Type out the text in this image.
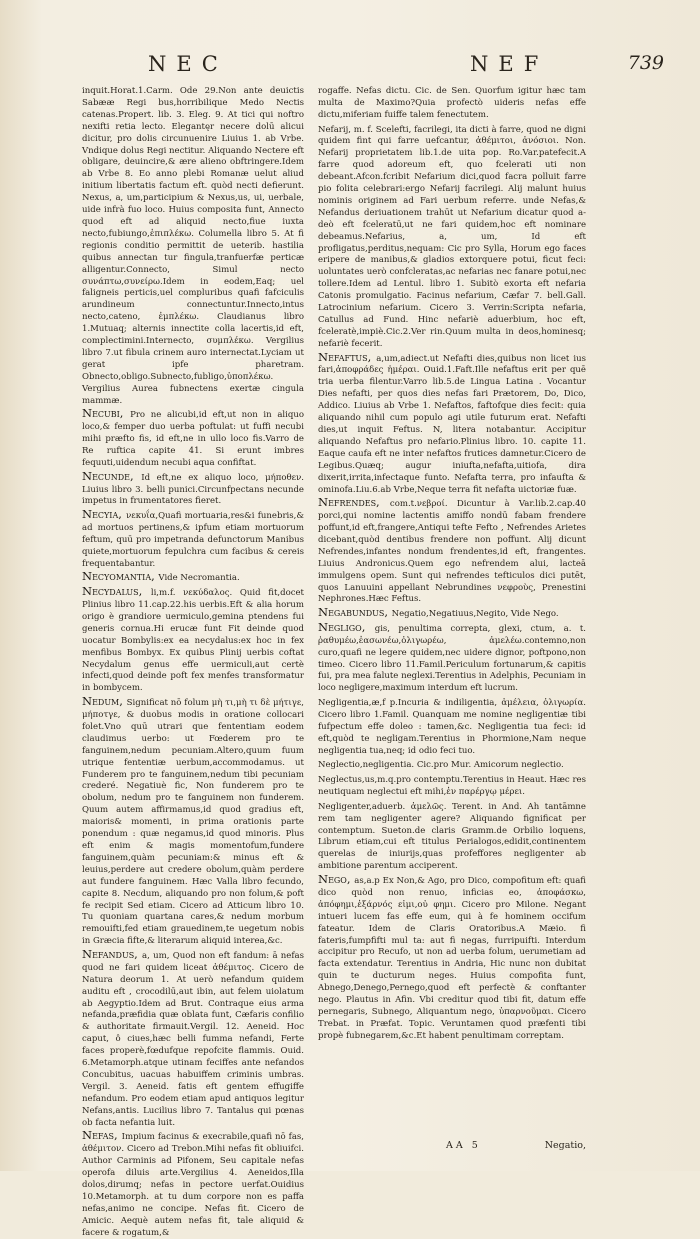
NEC	NEF	739

inquit.Horat.1.Carm. Ode 29.Non ante deuictis Sabææ Regi bus,horribilique Medo Nectis catenas.Propert. lib. 3. Eleg. 9. At tici qui noftro nexifti retia lecto. Elegantęr necere dolū alicui dicitur, pro dolis circunuenire Liuius 1. ab Vrbe. Vndique dolus Regi nectitur. Aliquando Nectere eft obligare, deuincire,& ære alieno obftringere.Idem ab Vrbe 8. Eo anno plebi Romanæ uelut aliud initium libertatis factum eft. quòd necti defierunt. Nexus, a, um,participium & Nexus,us, ui, uerbale, uide infrà fuo loco. Huius composita funt, Annecto quod eft ad aliquid necto,fiue iuxta necto,fubiungo,ἐπιπλέκω. Columella libro 5. At fi regionis conditio permittit de ueterib. hastilia quibus annectan tur fingula,tranfuerfæ perticæ alligentur.Connecto, Simul necto συνάπτω,συνείρω.Idem in eodem,Eaq; uel faligneis perticis,uel compluribus quafi fafciculis arundineum connectuntur.Innecto,intus necto,cateno, ἐμπλέκω. Claudianus libro 1.Mutuaq; alternis innectite colla lacertis,id eft, complectimini.Internecto, συμπλέκω. Vergilius libro 7.ut fibula crinem auro internectat.Lyciam ut gerat ipfe pharetram. Obnecto,obligo.Subnecto,fubligo,ὑποπλέκω. Vergilius Aurea fubnectens exertæ cingula mammæ.

Necubi, Pro ne alicubi,id eft,ut non in aliquo loco,& femper duo uerba poftulat: ut fuffi necubi mihi præfto fis, id eft,ne in ullo loco fis.Varro de Re ruftica capite 41. Si erunt imbres fequuti,uidendum necubi aqua confiftat.

Necunde, Id eft,ne ex aliquo loco, μήποθεν. Liuius libro 3. belli punici.Circunfpectans necunde impetus in frumentatores fieret.

Necyia, νεκυΐα,Quafi mortuaria,res&i funebris,& ad mortuos pertinens,& ipfum etiam mortuorum feftum, quū pro impetranda defunctorum Manibus quiete,mortuorum fepulchra cum facibus & cereis frequentabantur.

Necyomantia, Vide Necromantia.

Necydalus, li,m.f. νεκύδαλος. Quid fit,docet Plinius libro 11.cap.22.his uerbis.Eft & alia horum origo è grandiore uermiculo,gemina ptendens fui generis cornua.Hi erucæ funt Fit deinde quod uocatur Bombylis:ex ea necydalus:ex hoc in fex menfibus Bombyx. Ex quibus Plinij uerbis coftat Necydalum genus effe uermiculi,aut certè infecti,quod deinde poft fex menfes transformatur in bombycem.

Nedum, Significat nō folum μὴ τι,μὴ τι δὲ μήτιγε, μήποτγε, & duobus modis in oratione collocari folet.Vno quū utrari que fententiam eodem claudimus uerbo: ut Fœderem pro te fanguinem,nedum pecuniam.Altero,quum fuum utrique fententiæ uerbum,accommodamus. ut Funderem pro te fanguinem,nedum tibi pecuniam crederé. Negatiuè fic, Non funderem pro te obolum, nedum pro te fanguinem non funderem. Quum autem affirmamus,id quod gradius eft, maioris& momenti, in prima orationis parte ponendum : quæ negamus,id quod minoris. Plus eft enim & magis momentofum,fundere fanguinem,quàm pecuniam:& minus eft & leuius,perdere aut credere obolum,quàm perdere aut fundere fanguinem. Hæc Valla libro fecundo, capite 8. Necdum, aliquando pro non folum,& poft fe recipit Sed etiam. Cicero ad Atticum libro 10. Tu quoniam quartana cares,& nedum morbum remouifti,fed etiam grauedinem,te uegetum nobis in Græcia fifte,& literarum aliquid interea,&c.

Nefandus, a, um, Quod non eft fandum: ā nefas quod ne fari quidem liceat ἀθέμιτος. Cicero de Natura deorum 1. At uerò nefandum quidem auditu eft , crocodilū,aut ibin, aut felem uiolatum ab Aegyptio.Idem ad Brut. Contraque eius arma nefanda,præfidia quæ oblata funt, Cæfaris confilio & authoritate firmauit.Vergil. 12. Aeneid. Hoc caput, ô ciues,hæc belli fumma nefandi, Ferte faces properè,fœdufque repofcite flammis. Ouid. 6.Metamorph.atque utinam feciffes ante nefandos Concubitus, uacuas habuiffem criminis umbras. Vergil. 3. Aeneid. fatis eft gentem effugiffe nefandum. Pro eodem etiam apud antiquos legitur Nefans,antis. Lucilius libro 7. Tantalus qui pœnas ob facta nefantia luit.

Nefas, Impium facinus & execrabile,quafi nō fas, ἀθέμιτον. Cicero ad Trebon.Mihi nefas fit obliuifci. Author Carminis ad Pifonem, Seu capitale nefas operofa diluis arte.Vergilius 4. Aeneidos,Illa dolos,dirumq; nefas in pectore uerfat.Ouidius 10.Metamorph. at tu dum corpore non es paffa nefas,animo ne concipe. Nefas fit. Cicero de Amicic. Aequè autem nefas fit, tale aliquid & facere & rogatum,&

rogaffe. Nefas dictu. Cic. de Sen. Quorfum igitur hæc tam multa de Maximo?Quia profectò uideris nefas effe dictu,miferiam fuiffe talem fenectutem.

Nefarij, m. f. Scelefti, facrilegi, ita dicti à farre, quod ne digni quidem fint qui farre uefcantur, ἀθέμιτοι, ἀνόσιοι. Non. Nefarij proprietatem lib.1.de uita pop. Ro.Var.patefecit.A farre quod adoreum eft, quo fcelerati uti non debeant.Afcon.fcribit Nefarium dici,quod facra polluit farre pio folita celebrari:ergo Nefarij facrilegi. Alij malunt huius nominis originem ad Fari uerbum referre. unde Nefas,& Nefandus deriuationem trahūt ut Nefarium dicatur quod a-deò eft fceleratū,ut ne fari quidem,hoc eft nominare debeamus.Nefarius, a, um, Id eft profligatus,perditus,nequam: Cic pro Sylla, Horum ego faces eripere de manibus,& gladios extorquere potui, ficut feci: uoluntates uerò confcleratas,ac nefarias nec fanare potui,nec tollere.Idem ad Lentul. libro 1. Subitò exorta eft nefaria Catonis promulgatio. Facinus nefarium, Cæfar 7. bell.Gall. Latrocinium nefarium. Cicero 3. Verrin:Scripta nefaria, Catullus ad Fund. Hinc nefariè aduerbium, hoc eft, fceleratè,impiè.Cic.2.Ver rin.Quum multa in deos,hominesq; nefariè fecerit.

Nefaftus, a,um,adiect.ut Nefafti dies,quibus non licet ius fari,ἀποφράδες ἡμέραι. Ouid.1.Faft.Ille nefaftus erit per quē tria uerba filentur.Varro lib.5.de Lingua Latina . Vocantur Dies nefafti, per quos dies nefas fari Prætorem, Do, Dico, Addico. Liuius ab Vrbe 1. Nefaftos, faftofque dies fecit: quia aliquando nihil cum populo agi utile futurum erat. Nefafti dies,ut inquit Feftus. N, litera notabantur. Accipitur aliquando Nefaftus pro nefario.Plinius libro. 10. capite 11. Eaque caufa eft ne inter nefaftos frutices damnetur.Cicero de Legibus.Quæq; augur iniufta,nefafta,uitiofa, dira dixerit,irrita,infectaque funto. Nefafta terra, pro infaufta & ominofa.Liu.6.ab Vrbe,Neque terra fit nefafta uictoriæ fuæ.

Nefrendes, com.t.νεβροί. Dicuntur à Var.lib.2.cap.40 porci,qui nomine lactentis amiffo nondū fabam frendere poffunt,id eft,frangere,Antiqui tefte Fefto , Nefrendes Arietes dicebant,quòd dentibus frendere non poffunt. Alij dicunt Nefrendes,infantes nondum frendentes,id eft, frangentes. Liuius Andronicus.Quem ego nefrendem alui, lacteā immulgens opem. Sunt qui nefrendes tefticulos dici putēt, quos Lanuuini appellant Nebrundines νεφροὺς, Prenestini Nephrones.Hæc Feftus.

Negabundus, Negatio,Negatiuus,Negito, Vide Nego.

Negligo, gis, penultima correpta, glexi, ctum, a. t. ῥαθυμέω,ἐασωνέω,ὀλιγωρέω, ἀμελέω.contemno,non curo,quafi ne legere quidem,nec uidere dignor, poftpono,non timeo. Cicero libro 11.Famil.Periculum fortunarum,& capitis fui, pra mea falute neglexi.Terentius in Adelphis, Pecuniam in loco negligere,maximum interdum eft lucrum.

Negligentia,æ,f p.Incuria & indiligentia, ἀμέλεια, ὀλιγωρία. Cicero libro 1.Famil. Quanquam me nomine negligentiæ tibi fufpectum effe doleo : tamen,&c. Negligentia tua feci: id eft,quòd te negligam.Terentius in Phormione,Nam neque negligentia tua,neq; id odio feci tuo.

Neglectio,negligentia. Cic.pro Mur. Amicorum neglectio.

Neglectus,us,m.q.pro contemptu.Terentius in Heaut. Hæc res neutiquam neglectui eft mihi,ἐν παρέργῳ μέρει.

Negligenter,aduerb. ἀμελῶς. Terent. in And. Ah tantāmne rem tam negligenter agere? Aliquando fignificat per contemptum. Sueton.de claris Gramm.de Orbilio loquens, Librum etiam,cui eft titulus Perialogos,edidit,continentem querelas de iniurijs,quas profeffores negligenter ab ambitione parentum acciperent.

Nego, as,a.p Ex Non,& Ago, pro Dico, compofitum eft: quafi dico quòd non renuo, inficias eo, ἀποφάσκω, ἀπόφημι,ἐξάρνός εἰμι,οὐ φημι. Cicero pro Milone. Negant intueri lucem fas effe eum, qui à fe hominem occifum fateatur. Idem de Claris Oratoribus.A Mæio. fi fateris,fumpfifti mul ta: aut fi negas, furripuifti. Interdum accipitur pro Recufo, ut non ad uerba folum, uerumetiam ad facta extendatur. Terentius in Andria, Hic nunc non dubitat quin te ducturum neges. Huius compofita funt, Abnego,Denego,Pernego,quod eft perfectè & conftanter nego. Plautus in Afin. Vbi creditur quod tibi fit, datum effe pernegaris, Subnego, Aliquantum nego, ὑπαρνοῦμαι. Cicero Trebat. in Præfat. Topic. Veruntamen quod præfenti tibi propè fubnegarem,&c.Et habent penultimam correptam.

AA 5	Negatio,
